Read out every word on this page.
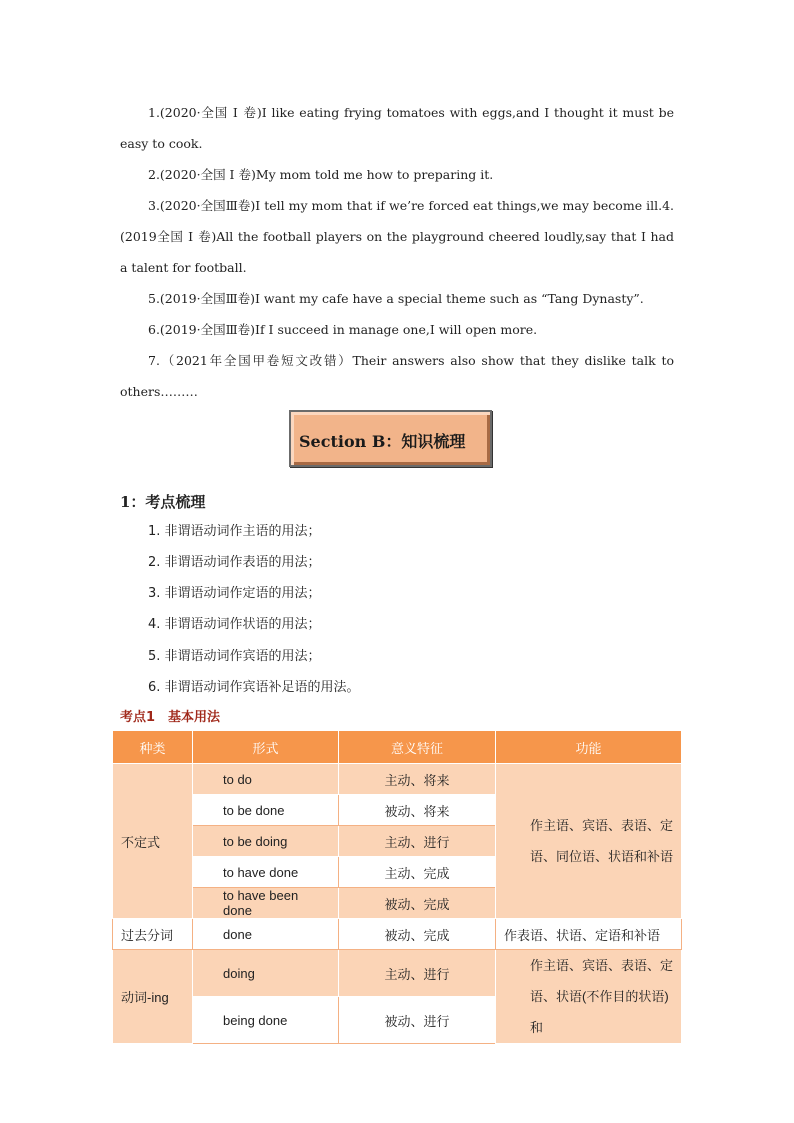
1.(2020·全国 Ⅰ 卷)I like eating frying tomatoes with eggs,and I thought it must be easy to cook.

2.(2020·全国 Ⅰ 卷)My mom told me how to preparing it.

3.(2020·全国Ⅲ卷)I tell my mom that if we’re forced eat things,we may become ill.4. (2019全国 Ⅰ 卷)All the football players on the playground cheered loudly,say that I had a talent for football.

5.(2019·全国Ⅲ卷)I want my cafe have a special theme such as “Tang Dynasty”.

6.(2019·全国Ⅲ卷)If I succeed in manage one,I will open more.

7.（2021年全国甲卷短文改错）Their answers also show that they dislike talk to others………

Section B：知识梳理

1：考点梳理

1. 非谓语动词作主语的用法；

2. 非谓语动词作表语的用法；

3. 非谓语动词作定语的用法；

4. 非谓语动词作状语的用法；

5. 非谓语动词作宾语的用法；

6. 非谓语动词作宾语补足语的用法。

考点1　基本用法

种类	形式	意义特征	功能
不定式	to do	主动、将来	作主语、宾语、表语、定语、同位语、状语和补语
	to be done	被动、将来	
	to be doing	主动、进行	
	to have done	主动、完成	
	to have been done	被动、完成	
过去分词	done	被动、完成	作表语、状语、定语和补语
动词-ing	doing	主动、进行	作主语、宾语、表语、定语、状语(不作目的状语)和
	being done	被动、进行	
